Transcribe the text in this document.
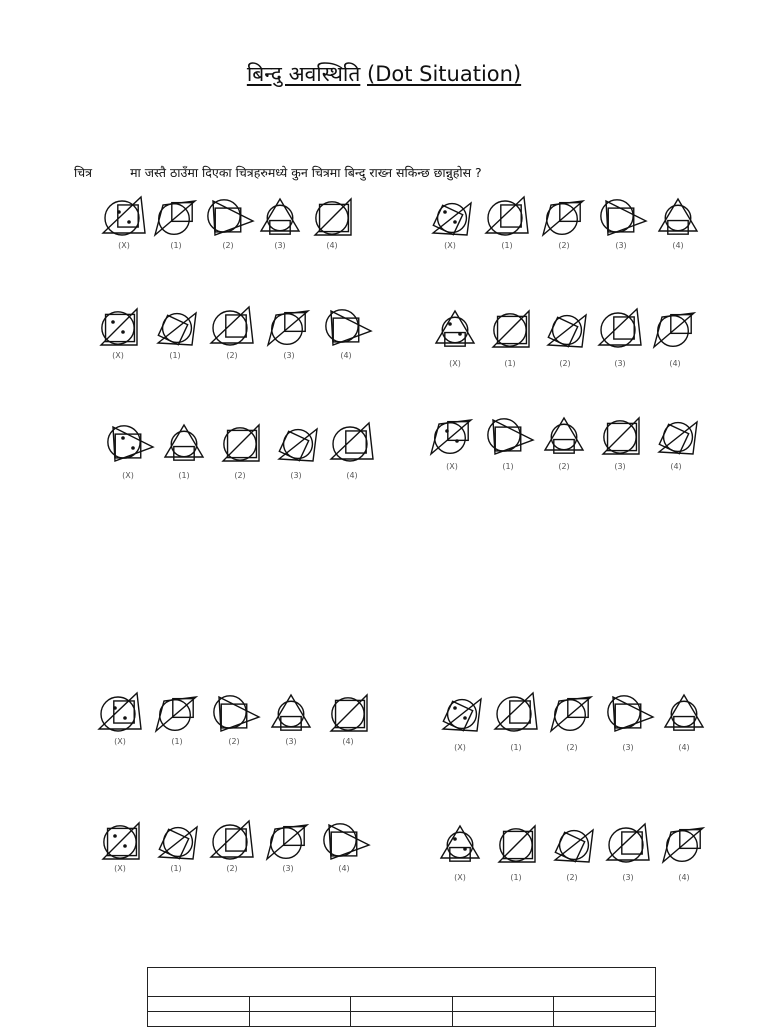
बिन्दु अवस्थिति (Dot Situation)
चित्र	मा जस्तै ठाउँमा दिएका चित्रहरुमध्ये कुन चित्रमा बिन्दु राख्न सकिन्छ छान्नुहोस ?
(X)	(1)	(2)	(3)	(4)	(X)	(1)	(2)	(3)	(4)
(X)	(1)	(2)	(3)	(4)
(X)	(1)	(2)	(3)	(4)
(X)	(1)	(2)	(3)	(4)
(X)	(1)	(2)	(3)	(4)
(X)	(1)	(2)	(3)	(4)
(X)	(1)	(2)	(3)	(4)
(X)	(1)	(2)	(3)	(4)
(X)	(1)	(2)	(3)	(4)
